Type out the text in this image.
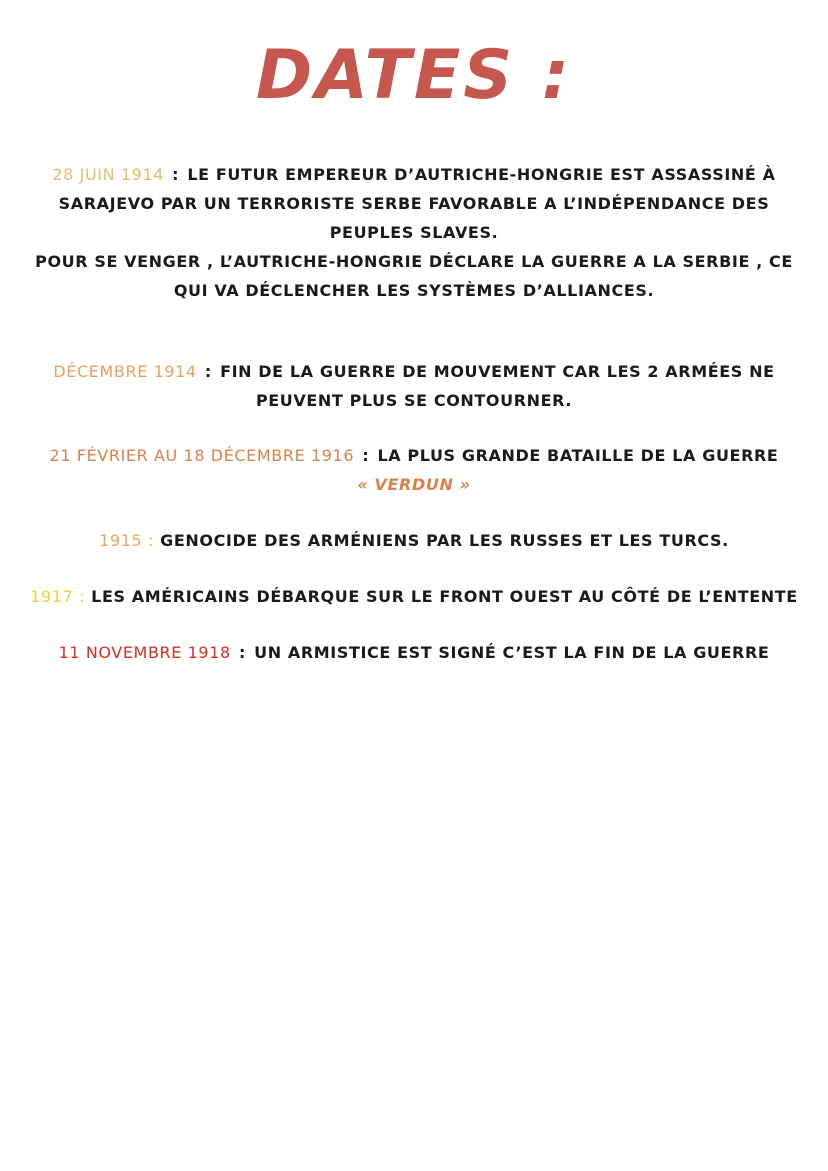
DATES :
28 JUIN 1914 : LE FUTUR EMPEREUR D’AUTRICHE-HONGRIE EST ASSASSINÉ À
SARAJEVO PAR UN TERRORISTE SERBE FAVORABLE A L’INDÉPENDANCE DES
PEUPLES SLAVES.
POUR SE VENGER , L’AUTRICHE-HONGRIE DÉCLARE LA GUERRE A LA SERBIE , CE
QUI VA DÉCLENCHER LES SYSTÈMES D’ALLIANCES.
DÉCEMBRE 1914 : FIN DE LA GUERRE DE MOUVEMENT CAR LES 2 ARMÉES NE
PEUVENT PLUS SE CONTOURNER.
21 FÉVRIER AU 18 DÉCEMBRE 1916 : LA PLUS GRANDE BATAILLE DE LA GUERRE
« VERDUN »
1915 : GENOCIDE DES ARMÉNIENS PAR LES RUSSES ET LES TURCS.
1917 : LES AMÉRICAINS DÉBARQUE SUR LE FRONT OUEST AU CÔTÉ DE L’ENTENTE
11 NOVEMBRE 1918 : UN ARMISTICE EST SIGNÉ C’EST LA FIN DE LA GUERRE
